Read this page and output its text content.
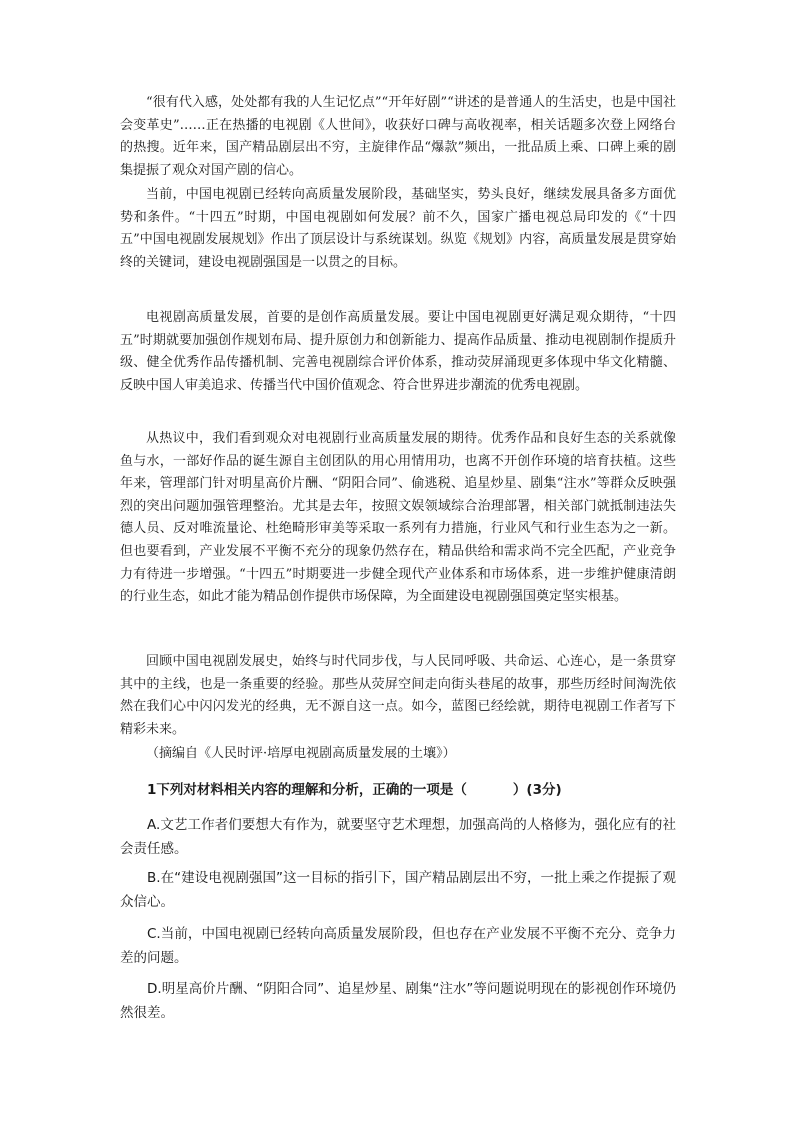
“很有代入感，处处都有我的人生记忆点”“开年好剧”“讲述的是普通人的生活史，也是中国社会变革史”……正在热播的电视剧《人世间》，收获好口碑与高收视率，相关话题多次登上网络台的热搜。近年来，国产精品剧层出不穷，主旋律作品“爆款”频出，一批品质上乘、口碑上乘的剧集提振了观众对国产剧的信心。

当前，中国电视剧已经转向高质量发展阶段，基础坚实，势头良好，继续发展具备多方面优势和条件。“十四五”时期，中国电视剧如何发展？前不久，国家广播电视总局印发的《“十四五”中国电视剧发展规划》作出了顶层设计与系统谋划。纵览《规划》内容，高质量发展是贯穿始终的关键词，建设电视剧强国是一以贯之的目标。

电视剧高质量发展，首要的是创作高质量发展。要让中国电视剧更好满足观众期待，“十四五”时期就要加强创作规划布局、提升原创力和创新能力、提高作品质量、推动电视剧制作提质升级、健全优秀作品传播机制、完善电视剧综合评价体系，推动荧屏涌现更多体现中华文化精髓、反映中国人审美追求、传播当代中国价值观念、符合世界进步潮流的优秀电视剧。

从热议中，我们看到观众对电视剧行业高质量发展的期待。优秀作品和良好生态的关系就像鱼与水，一部好作品的诞生源自主创团队的用心用情用功，也离不开创作环境的培育扶植。这些年来，管理部门针对明星高价片酬、“阴阳合同”、偷逃税、追星炒星、剧集“注水”等群众反映强烈的突出问题加强管理整治。尤其是去年，按照文娱领域综合治理部署，相关部门就抵制违法失德人员、反对唯流量论、杜绝畸形审美等采取一系列有力措施，行业风气和行业生态为之一新。但也要看到，产业发展不平衡不充分的现象仍然存在，精品供给和需求尚不完全匹配，产业竞争力有待进一步增强。“十四五”时期要进一步健全现代产业体系和市场体系，进一步维护健康清朗的行业生态，如此才能为精品创作提供市场保障，为全面建设电视剧强国奠定坚实根基。

回顾中国电视剧发展史，始终与时代同步伐，与人民同呼吸、共命运、心连心，是一条贯穿其中的主线，也是一条重要的经验。那些从荧屏空间走向街头巷尾的故事，那些历经时间淘洗依然在我们心中闪闪发光的经典，无不源自这一点。如今，蓝图已经绘就，期待电视剧工作者写下精彩未来。

（摘编自《人民时评·培厚电视剧高质量发展的土壤》）

1下列对材料相关内容的理解和分析，正确的一项是（	）(3分)

A.文艺工作者们要想大有作为，就要坚守艺术理想，加强高尚的人格修为，强化应有的社会责任感。

B.在“建设电视剧强国”这一目标的指引下，国产精品剧层出不穷，一批上乘之作提振了观众信心。

C.当前，中国电视剧已经转向高质量发展阶段，但也存在产业发展不平衡不充分、竞争力差的问题。

D.明星高价片酬、“阴阳合同”、追星炒星、剧集“注水”等问题说明现在的影视创作环境仍然很差。
